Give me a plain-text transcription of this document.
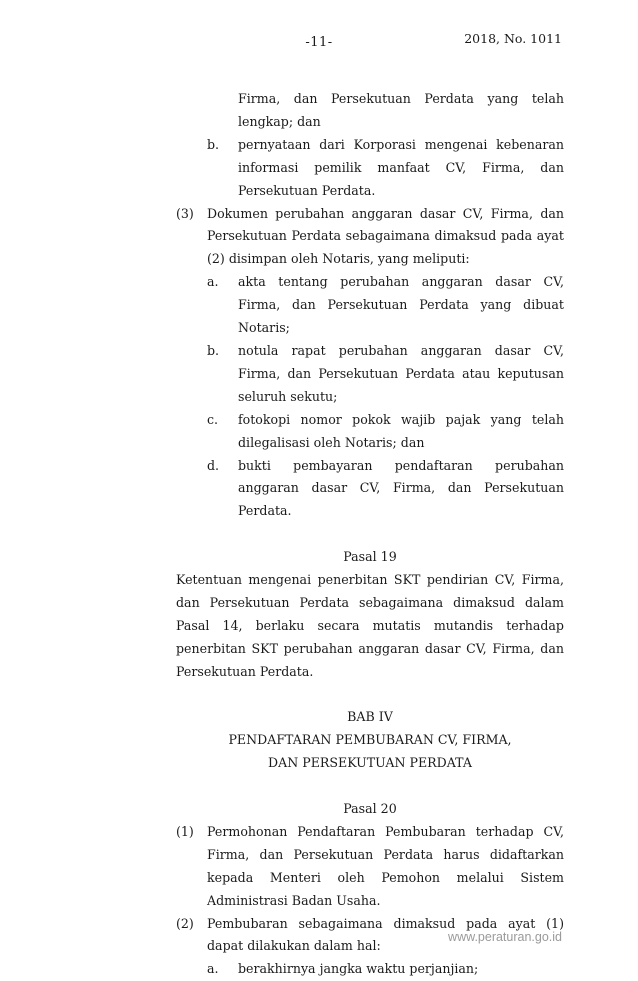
-11-	2018, No. 1011
Firma, dan Persekutuan Perdata yang telah lengkap; dan
b.	pernyataan dari Korporasi mengenai kebenaran informasi pemilik manfaat CV, Firma, dan Persekutuan Perdata.
(3)	Dokumen perubahan anggaran dasar CV, Firma, dan Persekutuan Perdata sebagaimana dimaksud pada ayat (2) disimpan oleh Notaris, yang meliputi:
a.	akta tentang perubahan anggaran dasar CV, Firma, dan Persekutuan Perdata yang dibuat Notaris;
b.	notula rapat perubahan anggaran dasar CV, Firma, dan Persekutuan Perdata atau keputusan seluruh sekutu;
c.	fotokopi nomor pokok wajib pajak yang telah dilegalisasi oleh Notaris; dan
d.	bukti pembayaran pendaftaran perubahan anggaran dasar CV, Firma, dan Persekutuan Perdata.
Pasal 19
Ketentuan mengenai penerbitan SKT pendirian CV, Firma, dan Persekutuan Perdata sebagaimana dimaksud dalam Pasal 14, berlaku secara mutatis mutandis terhadap penerbitan SKT perubahan anggaran dasar CV, Firma, dan Persekutuan Perdata.
BAB IV
PENDAFTARAN PEMBUBARAN CV, FIRMA,
DAN PERSEKUTUAN PERDATA
Pasal 20
(1)	Permohonan Pendaftaran Pembubaran terhadap CV, Firma, dan Persekutuan Perdata harus didaftarkan kepada Menteri oleh Pemohon melalui Sistem Administrasi Badan Usaha.
(2)	Pembubaran sebagaimana dimaksud pada ayat (1) dapat dilakukan dalam hal:
a.	berakhirnya jangka waktu perjanjian;
www.peraturan.go.id
